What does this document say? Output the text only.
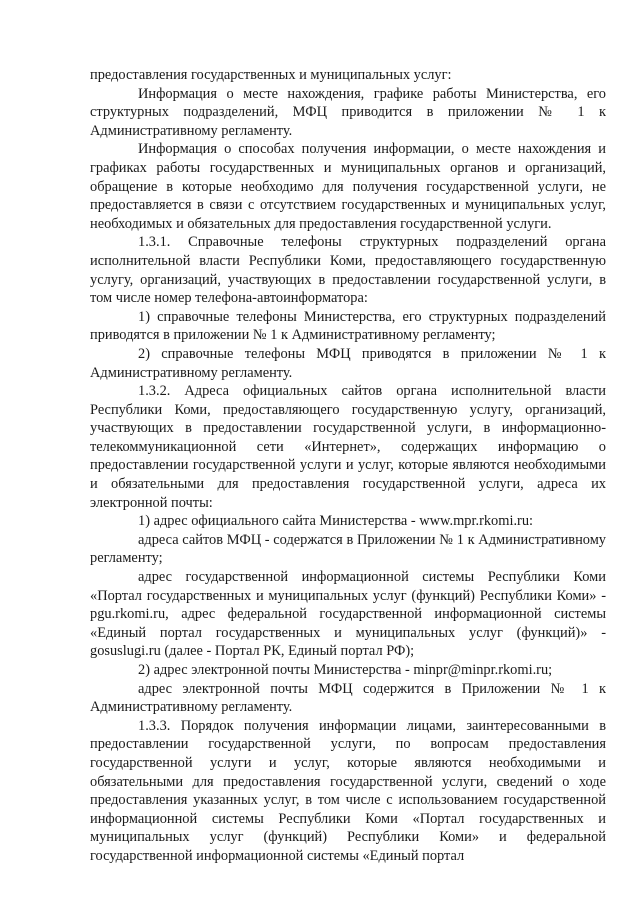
предоставления государственных и муниципальных услуг:

Информация о месте нахождения, графике работы Министерства, его структурных подразделений, МФЦ приводится в приложении № 1 к Административному регламенту.

Информация о способах получения информации, о месте нахождения и графиках работы государственных и муниципальных органов и организаций, обращение в которые необходимо для получения государственной услуги, не предоставляется в связи с отсутствием государственных и муниципальных услуг, необходимых и обязательных для предоставления государственной услуги.

1.3.1. Справочные телефоны структурных подразделений органа исполнительной власти Республики Коми, предоставляющего государственную услугу, организаций, участвующих в предоставлении государственной услуги, в том числе номер телефона-автоинформатора:

1) справочные телефоны Министерства, его структурных подразделений приводятся в приложении № 1 к Административному регламенту;

2) справочные телефоны МФЦ приводятся в приложении № 1 к Административному регламенту.

1.3.2. Адреса официальных сайтов органа исполнительной власти Республики Коми, предоставляющего государственную услугу, организаций, участвующих в предоставлении государственной услуги, в информационно-телекоммуникационной сети «Интернет», содержащих информацию о предоставлении государственной услуги и услуг, которые являются необходимыми и обязательными для предоставления государственной услуги, адреса их электронной почты:

1) адрес официального сайта Министерства - www.mpr.rkomi.ru:

адреса сайтов МФЦ - содержатся в Приложении № 1 к Административному регламенту;

адрес государственной информационной системы Республики Коми «Портал государственных и муниципальных услуг (функций) Республики Коми» - pgu.rkomi.ru, адрес федеральной государственной информационной системы «Единый портал государственных и муниципальных услуг (функций)» - gosuslugi.ru (далее - Портал РК, Единый портал РФ);

2) адрес электронной почты Министерства - minpr@minpr.rkomi.ru;

адрес электронной почты МФЦ содержится в Приложении № 1 к Административному регламенту.

1.3.3. Порядок получения информации лицами, заинтересованными в предоставлении государственной услуги, по вопросам предоставления государственной услуги и услуг, которые являются необходимыми и обязательными для предоставления государственной услуги, сведений о ходе предоставления указанных услуг, в том числе с использованием государственной информационной системы Республики Коми «Портал государственных и муниципальных услуг (функций) Республики Коми» и федеральной государственной информационной системы «Единый портал
